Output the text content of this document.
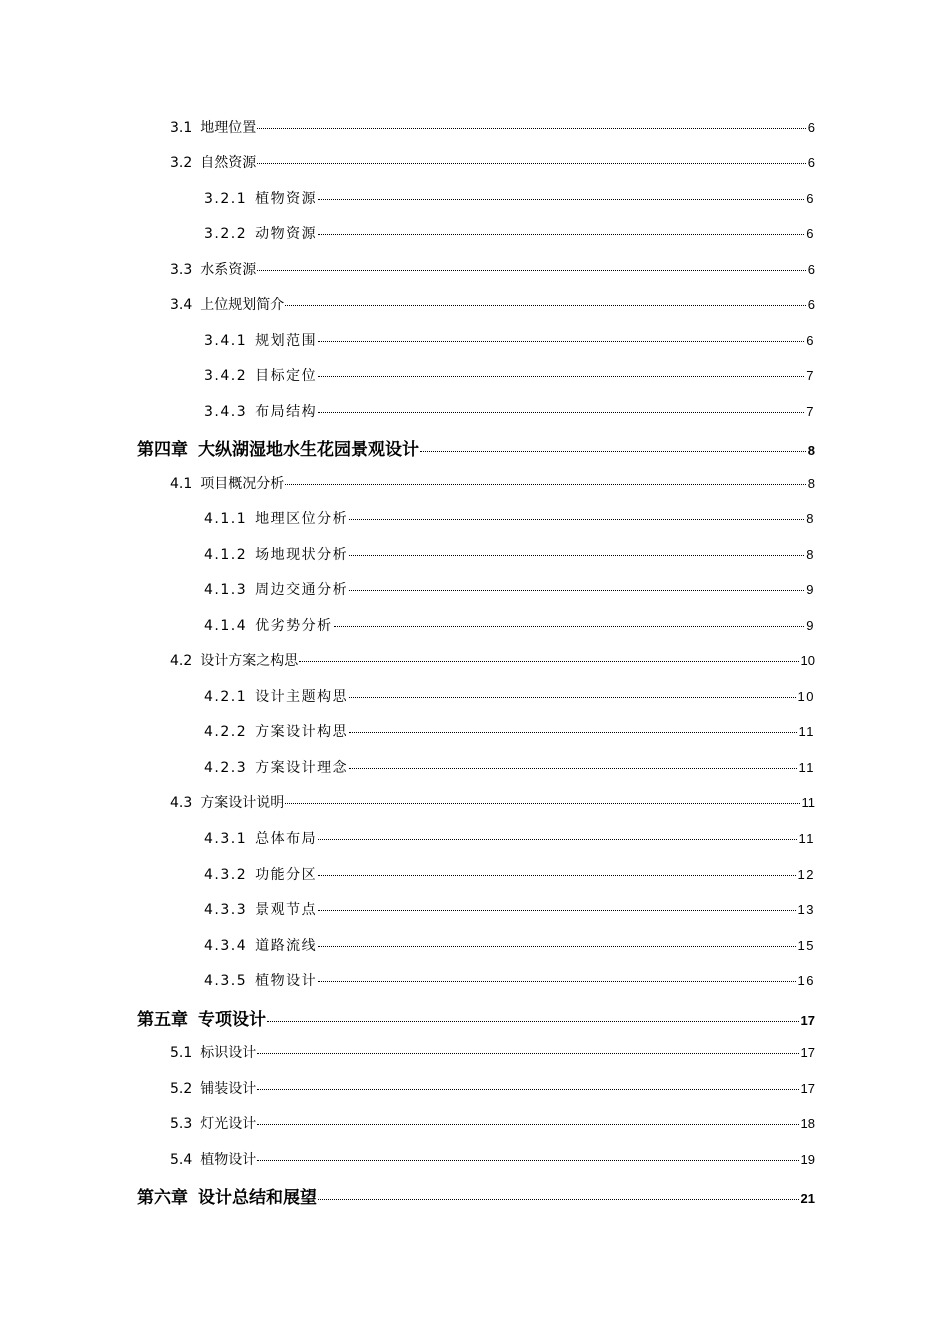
3.1 地理位置	6
3.2 自然资源	6
3.2.1 植物资源	6
3.2.2 动物资源	6
3.3 水系资源	6
3.4 上位规划简介	6
3.4.1 规划范围	6
3.4.2 目标定位	7
3.4.3 布局结构	7
第四章 大纵湖湿地水生花园景观设计	8
4.1 项目概况分析	8
4.1.1 地理区位分析	8
4.1.2 场地现状分析	8
4.1.3 周边交通分析	9
4.1.4 优劣势分析	9
4.2 设计方案之构思	10
4.2.1 设计主题构思	10
4.2.2 方案设计构思	11
4.2.3 方案设计理念	11
4.3 方案设计说明	11
4.3.1 总体布局	11
4.3.2 功能分区	12
4.3.3 景观节点	13
4.3.4 道路流线	15
4.3.5 植物设计	16
第五章 专项设计	17
5.1 标识设计	17
5.2 铺装设计	17
5.3 灯光设计	18
5.4 植物设计	19
第六章 设计总结和展望	21
